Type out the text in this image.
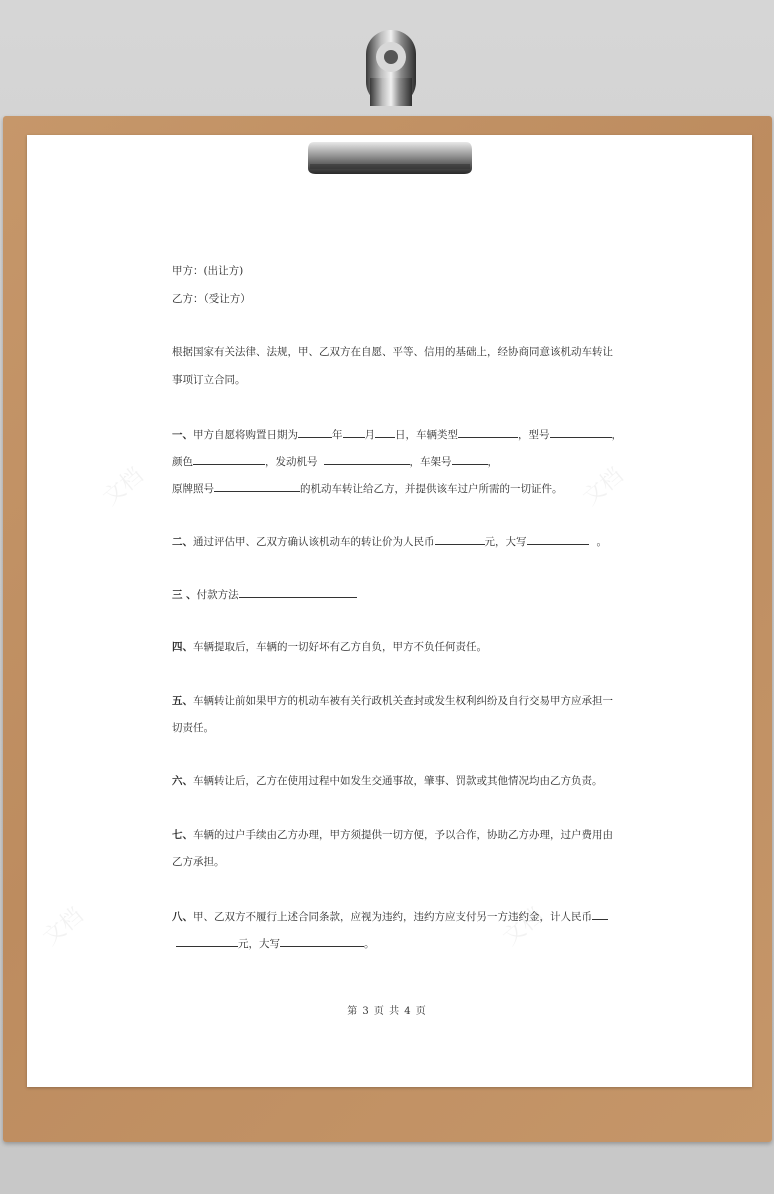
文档	文档
文档	文档
甲方：(出让方)
乙方：（受让方）
根据国家有关法律、法规，甲、乙双方在自愿、平等、信用的基础上，经协商同意该机动车转让
事项订立合同。
一、甲方自愿将购置日期为	年 月 日，车辆类型	，型号	，
颜色	，发动机号	，车架号	，
原牌照号	的机动车转让给乙方，并提供该车过户所需的一切证件。
二、通过评估甲、乙双方确认该机动车的转让价为人民币	元，大写	。
三 、付款方法
四、车辆提取后，车辆的一切好坏有乙方自负，甲方不负任何责任。
五、车辆转让前如果甲方的机动车被有关行政机关查封或发生权利纠纷及自行交易甲方应承担一
切责任。
六、车辆转让后，乙方在使用过程中如发生交通事故，肇事、罚款或其他情况均由乙方负责。
七、车辆的过户手续由乙方办理，甲方须提供一切方便，予以合作，协助乙方办理，过户费用由
乙方承担。
八、甲、乙双方不履行上述合同条款，应视为违约，违约方应支付另一方违约金，计人民币
元，大写	。
第 3 页 共 4 页
